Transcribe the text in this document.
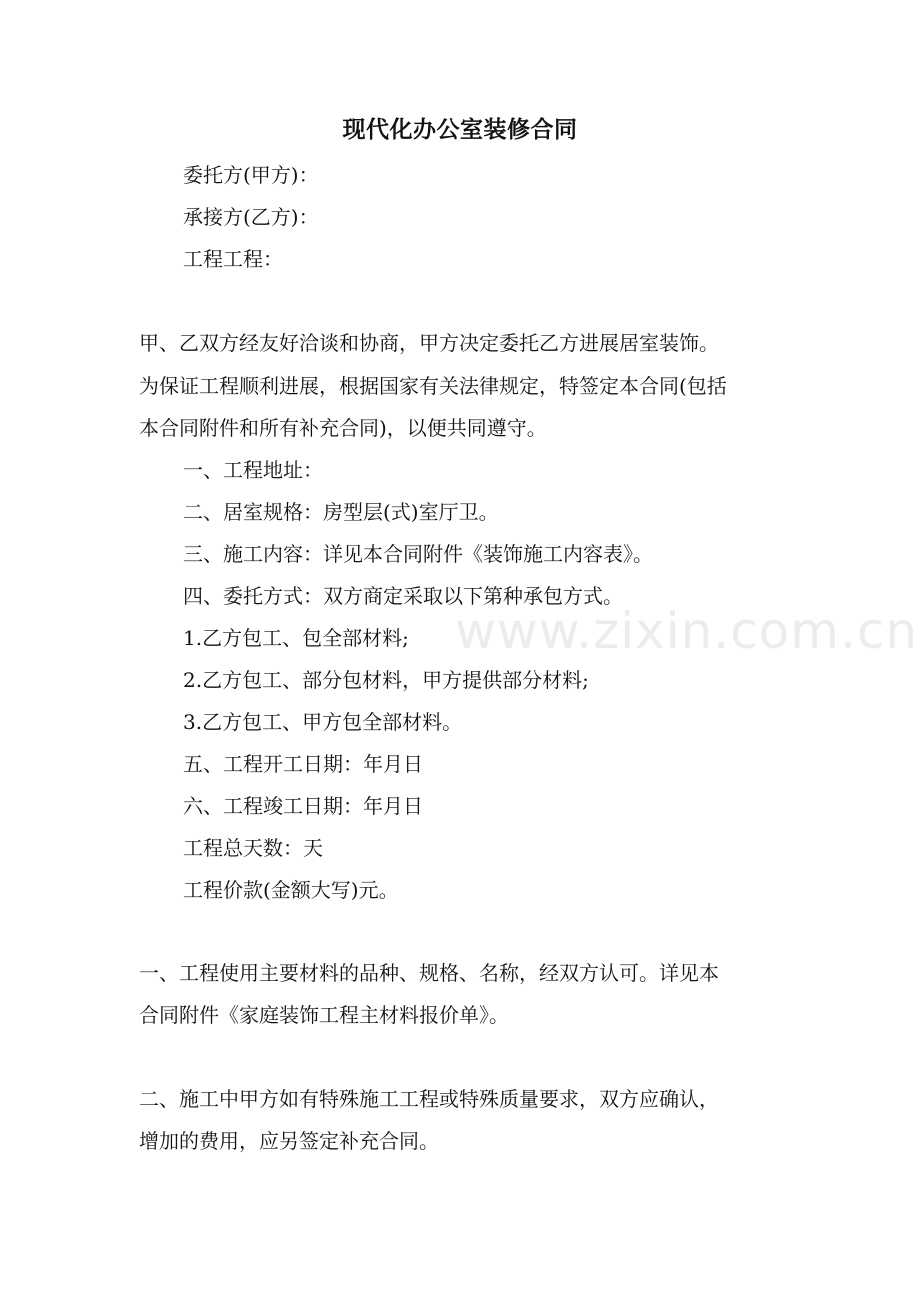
www.zixin.com.cn
现代化办公室装修合同
委托方(甲方)：
承接方(乙方)：
工程工程：
甲、乙双方经友好洽谈和协商，甲方决定委托乙方进展居室装饰。
为保证工程顺利进展，根据国家有关法律规定，特签定本合同(包括
本合同附件和所有补充合同)，以便共同遵守。
一、工程地址：
二、居室规格：房型层(式)室厅卫。
三、施工内容：详见本合同附件《装饰施工内容表》。
四、委托方式：双方商定采取以下第种承包方式。
1.乙方包工、包全部材料;
2.乙方包工、部分包材料，甲方提供部分材料;
3.乙方包工、甲方包全部材料。
五、工程开工日期：年月日
六、工程竣工日期：年月日
工程总天数：天
工程价款(金额大写)元。
一、工程使用主要材料的品种、规格、名称，经双方认可。详见本
合同附件《家庭装饰工程主材料报价单》。
二、施工中甲方如有特殊施工工程或特殊质量要求，双方应确认，
增加的费用，应另签定补充合同。
